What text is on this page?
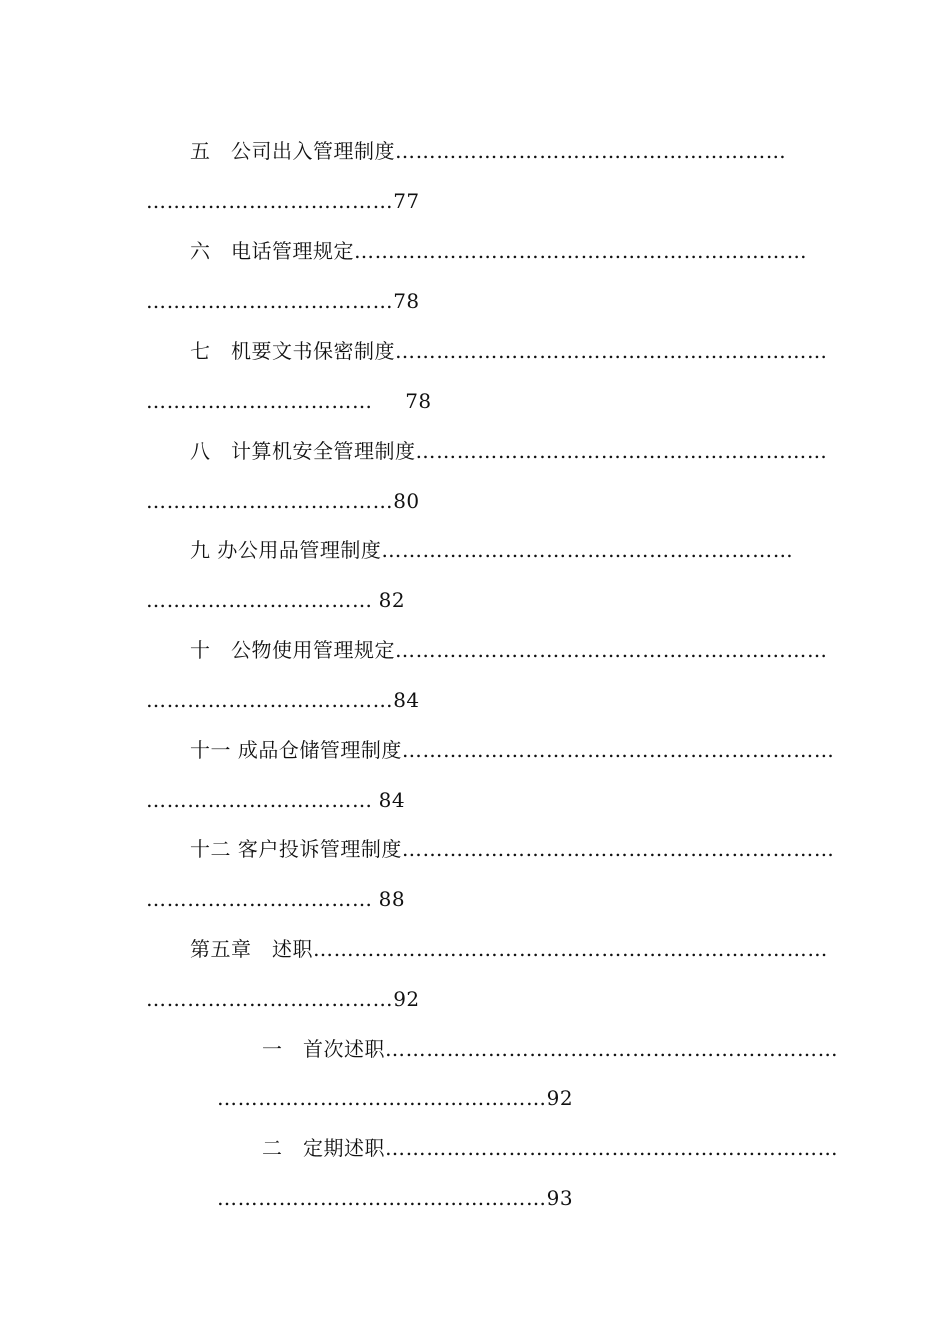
五　公司出入管理制度…………………………………………………
………………………………77
六　电话管理规定…………………………………………………………
………………………………78
七　机要文书保密制度………………………………………………………
……………………………　78
八　计算机安全管理制度……………………………………………………
………………………………80
九 办公用品管理制度……………………………………………………
……………………………82
十　公物使用管理规定………………………………………………………
………………………………84
十一 成品仓储管理制度………………………………………………………
……………………………84
十二 客户投诉管理制度………………………………………………………
……………………………88
第五章　述职…………………………………………………………………
………………………………92
一　首次述职…………………………………………………………
…………………………………………92
二　定期述职…………………………………………………………
…………………………………………93
